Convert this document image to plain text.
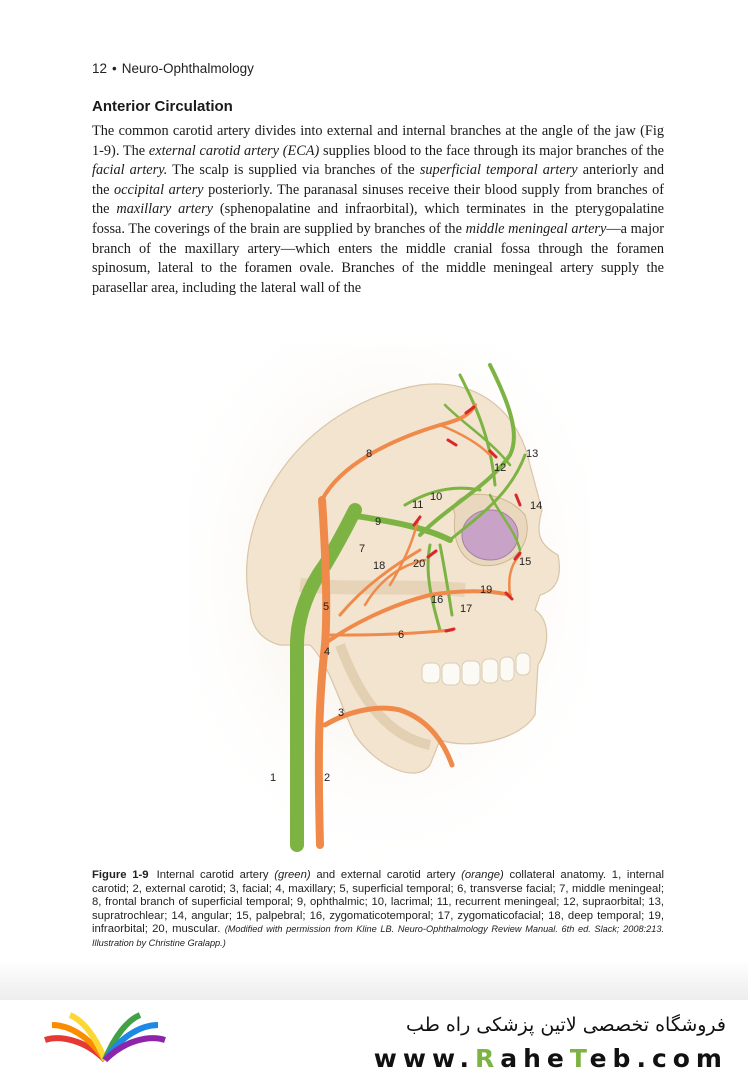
12 • Neuro-Ophthalmology
Anterior Circulation

The common carotid artery divides into external and internal branches at the angle of the jaw (Fig 1-9). The external carotid artery (ECA) supplies blood to the face through its major branches of the facial artery. The scalp is supplied via branches of the superficial temporal artery anteriorly and the occipital artery posteriorly. The paranasal sinuses receive their blood supply from branches of the maxillary artery (sphenopalatine and infraorbital), which terminates in the pterygopalatine fossa. The coverings of the brain are supplied by branches of the middle meningeal artery—a major branch of the maxillary artery—which enters the middle cranial fossa through the foramen spinosum, lateral to the foramen ovale. Branches of the middle meningeal artery supply the parasellar area, including the lateral wall of the

1	2
3
4
5
6
7
8
9
10
11
12
13
14
15
16
17
18
19
20
Figure 1-9 Internal carotid artery (green) and external carotid artery (orange) collateral anatomy. 1, internal carotid; 2, external carotid; 3, facial; 4, maxillary; 5, superficial temporal; 6, transverse facial; 7, middle meningeal; 8, frontal branch of superficial temporal; 9, ophthalmic; 10, lacrimal; 11, recurrent meningeal; 12, supraorbital; 13, supratrochlear; 14, angular; 15, palpebral; 16, zygomaticotemporal; 17, zygomaticofacial; 18, deep temporal; 19, infraorbital; 20, muscular. (Modified with permission from Kline LB. Neuro-Ophthalmology Review Manual. 6th ed. Slack; 2008:213. Illustration by Christine Gralapp.)
فروشگاه تخصصی لاتین پزشکی راه طب
www.RaheTeb.com
